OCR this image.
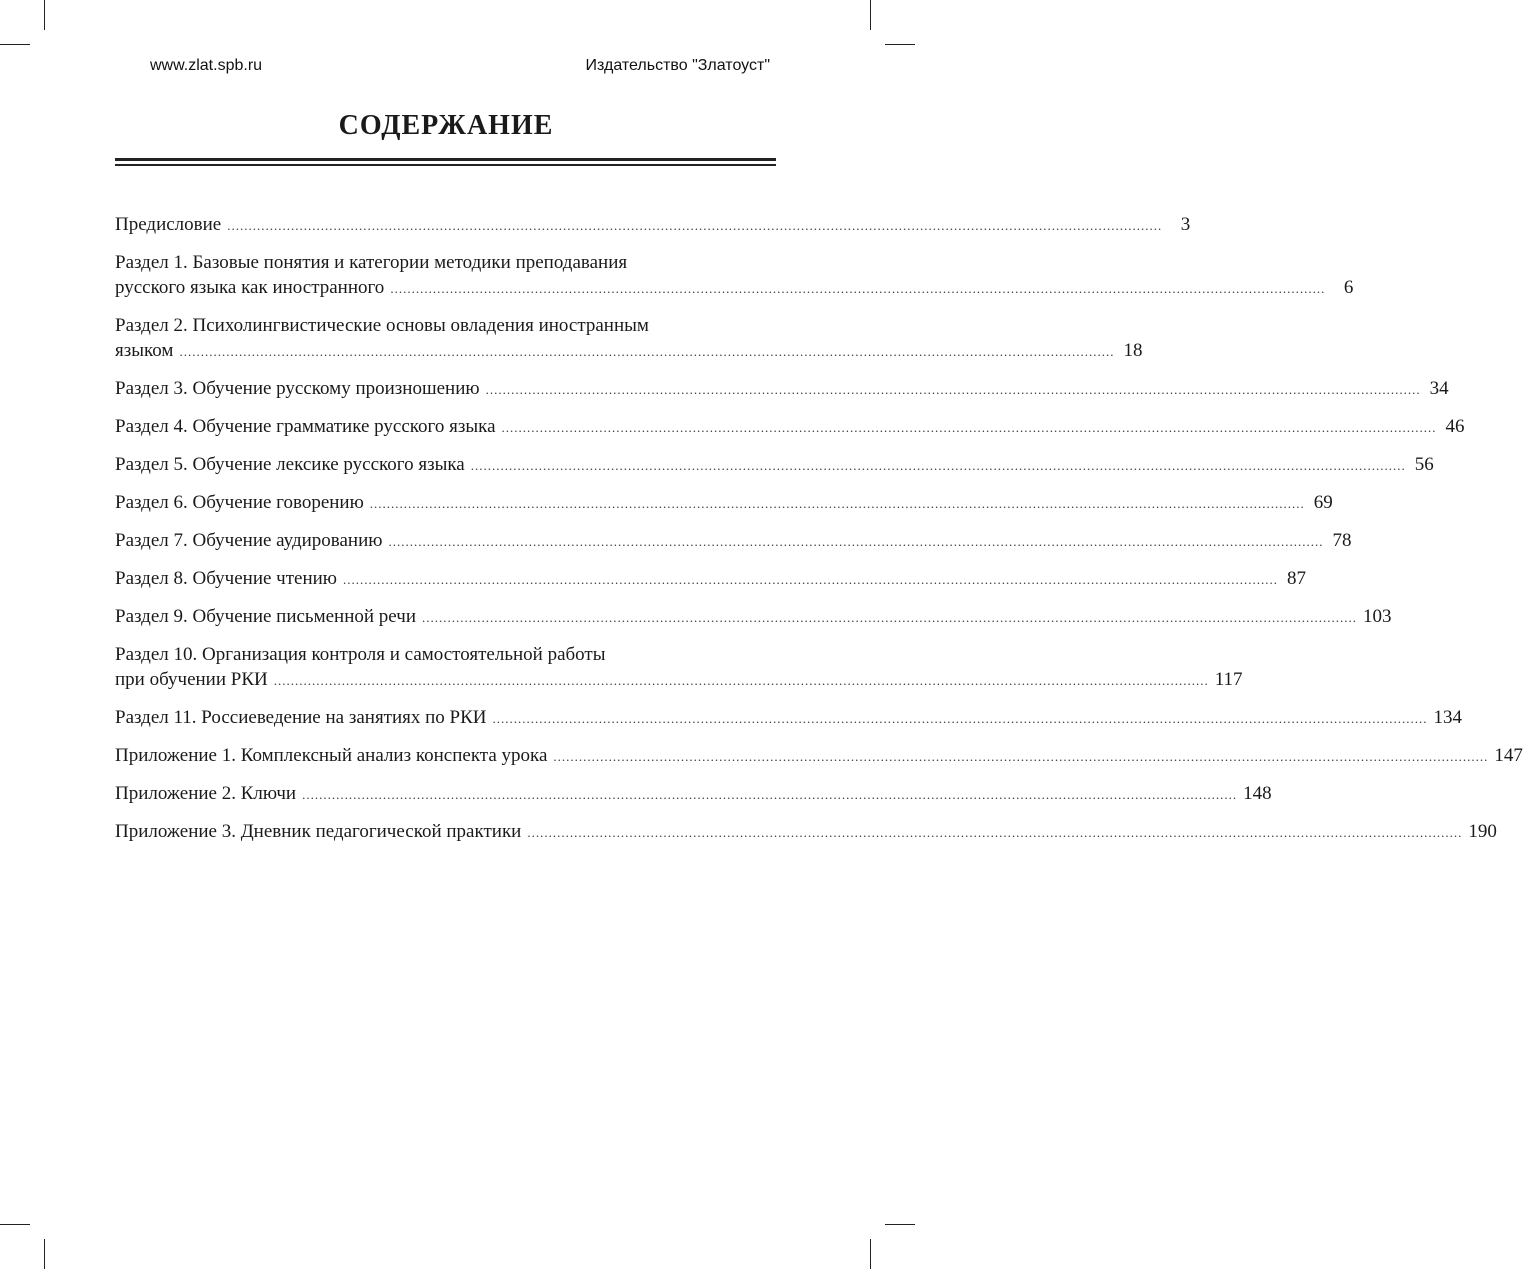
www.zlat.spb.ru	Издательство "Златоуст"
СОДЕРЖАНИЕ
Предисловие ............................................................................................................................................................................................................................ 3
Раздел 1. Базовые понятия и категории методики преподавания
русского языка как иностранного ............................................................................................................................................................................................................................ 6
Раздел 2. Психолингвистические основы овладения иностранным
языком ............................................................................................................................................................................................................................ 18
Раздел 3. Обучение русскому произношению ............................................................................................................................................................................................................................ 34
Раздел 4. Обучение грамматике русского языка ............................................................................................................................................................................................................................ 46
Раздел 5. Обучение лексике русского языка ............................................................................................................................................................................................................................ 56
Раздел 6. Обучение говорению ............................................................................................................................................................................................................................ 69
Раздел 7. Обучение аудированию ............................................................................................................................................................................................................................ 78
Раздел 8. Обучение чтению ............................................................................................................................................................................................................................ 87
Раздел 9. Обучение письменной речи ............................................................................................................................................................................................................................ 103
Раздел 10. Организация контроля и самостоятельной работы
при обучении РКИ ............................................................................................................................................................................................................................ 117
Раздел 11. Россиеведение на занятиях по РКИ ............................................................................................................................................................................................................................ 134
Приложение 1. Комплексный анализ конспекта урока ............................................................................................................................................................................................................................ 147
Приложение 2. Ключи ............................................................................................................................................................................................................................ 148
Приложение 3. Дневник педагогической практики ............................................................................................................................................................................................................................ 190
